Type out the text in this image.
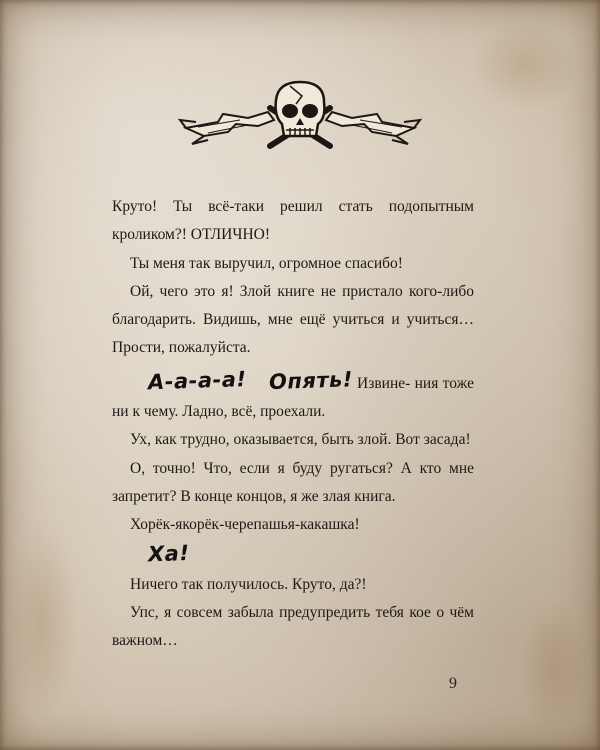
Круто! Ты всё-таки решил стать подопытным кроликом?! ОТЛИЧНО!

Ты меня так выручил, огромное спасибо!

Ой, чего это я! Злой книге не пристало кого-либо благодарить. Видишь, мне ещё учиться и учиться… Прости, пожалуйста.

А-а-а-а! Опять! Извине- ния тоже ни к чему. Ладно, всё, проехали.

Ух, как трудно, оказывается, быть злой. Вот засада!

О, точно! Что, если я буду ругаться? А кто мне запретит? В конце концов, я же злая книга.

Хорёк-якорёк-черепашья-какашка!

Ха!

Ничего так получилось. Круто, да?!

Упс, я совсем забыла предупредить тебя кое о чём важном…

9
